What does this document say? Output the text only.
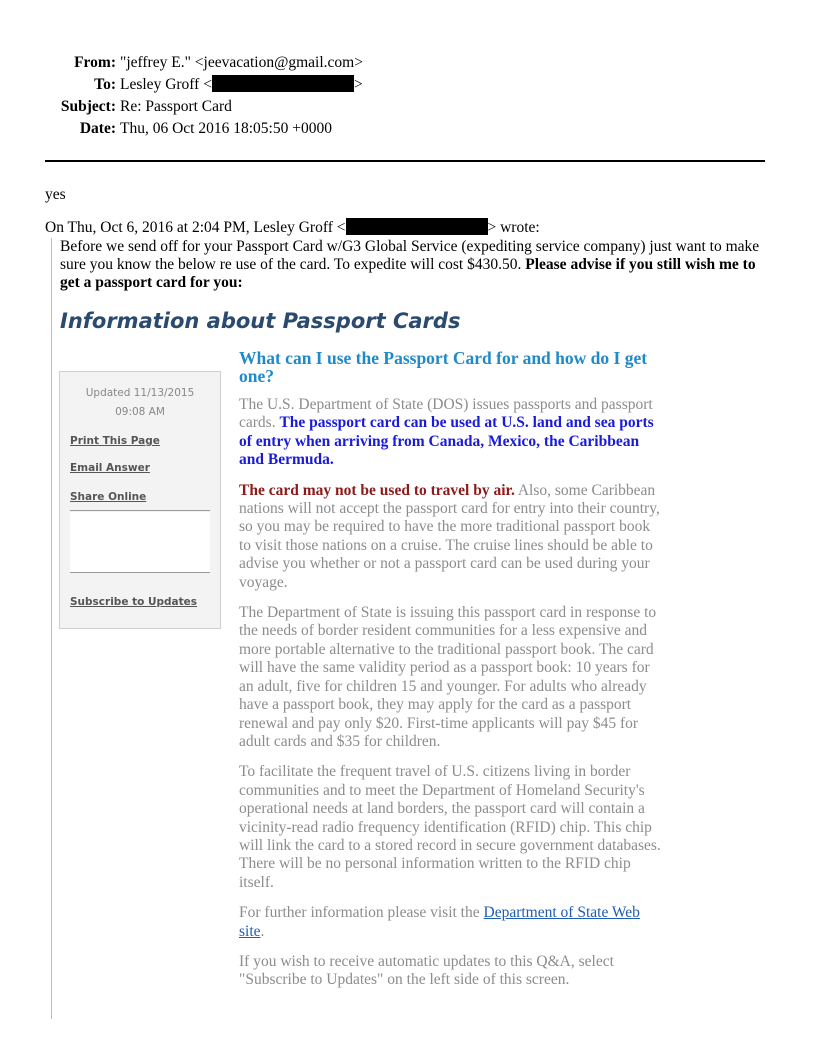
From: "jeffrey E." <jeevacation@gmail.com>
To: Lesley Groff <	>
Subject: Re: Passport Card
Date: Thu, 06 Oct 2016 18:05:50 +0000
yes
On Thu, Oct 6, 2016 at 2:04 PM, Lesley Groff <	> wrote:
Before we send off for your Passport Card w/G3 Global Service (expediting service company) just want to make sure you know the below re use of the card. To expedite will cost $430.50. Please advise if you still wish me to get a passport card for you:
Information about Passport Cards
Updated 11/13/2015
09:08 AM
Print This Page
Email Answer
Share Online
Subscribe to Updates
What can I use the Passport Card for and how do I get one?

The U.S. Department of State (DOS) issues passports and passport cards. The passport card can be used at U.S. land and sea ports of entry when arriving from Canada, Mexico, the Caribbean and Bermuda.

The card may not be used to travel by air. Also, some Caribbean nations will not accept the passport card for entry into their country, so you may be required to have the more traditional passport book to visit those nations on a cruise. The cruise lines should be able to advise you whether or not a passport card can be used during your voyage.

The Department of State is issuing this passport card in response to the needs of border resident communities for a less expensive and more portable alternative to the traditional passport book. The card will have the same validity period as a passport book: 10 years for an adult, five for children 15 and younger. For adults who already have a passport book, they may apply for the card as a passport renewal and pay only $20. First-time applicants will pay $45 for adult cards and $35 for children.

To facilitate the frequent travel of U.S. citizens living in border communities and to meet the Department of Homeland Security's operational needs at land borders, the passport card will contain a vicinity-read radio frequency identification (RFID) chip. This chip will link the card to a stored record in secure government databases. There will be no personal information written to the RFID chip itself.

For further information please visit the Department of State Web site.

If you wish to receive automatic updates to this Q&A, select "Subscribe to Updates" on the left side of this screen.
